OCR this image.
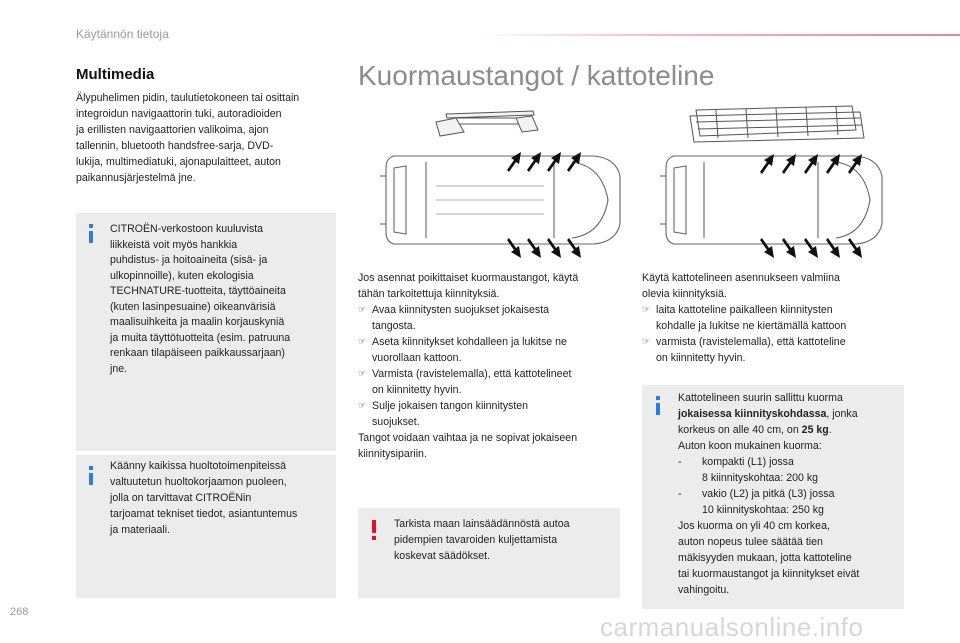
Käytännön tietoja
Multimedia
Älypuhelimen pidin, taulutietokoneen tai osittain
integroidun navigaattorin tuki, autoradioiden
ja erillisten navigaattorien valikoima, ajon
tallennin, bluetooth handsfree-sarja, DVD-
lukija, multimediatuki, ajonapulaitteet, auton
paikannusjärjestelmä jne.
CITROËN-verkostoon kuuluvista
liikkeistä voit myös hankkia
puhdistus- ja hoitoaineita (sisä- ja
ulkopinnoille), kuten ekologisia
TECHNATURE-tuotteita, täyttöaineita
(kuten lasinpesuaine) oikeanvärisiä
maalisuihkeita ja maalin korjauskyniä
ja muita täyttötuotteita (esim. patruuna
renkaan tilapäiseen paikkaussarjaan)
jne.
Käänny kaikissa huoltotoimenpiteissä
valtuutetun huoltokorjaamon puoleen,
jolla on tarvittavat CITROËNin
tarjoamat tekniset tiedot, asiantuntemus
ja materiaali.
Kuormaustangot / kattoteline

Jos asennat poikittaiset kuormaustangot, käytä

tähän tarkoitettuja kiinnityksiä.

☞ Avaa kiinnitysten suojukset jokaisesta
tangosta.
☞ Aseta kiinnitykset kohdalleen ja lukitse ne
vuorollaan kattoon.
☞ Varmista (ravistelemalla), että kattotelineet
on kiinnitetty hyvin.
☞ Sulje jokaisen tangon kiinnitysten
suojukset.

Tangot voidaan vaihtaa ja ne sopivat jokaiseen

kiinnitysipariin.

Tarkista maan lainsäädännöstä autoa
pidempien tavaroiden kuljettamista
koskevat säädökset.

Käytä kattotelineen asennukseen valmiina

olevia kiinnityksiä.

☞ laita kattoteline paikalleen kiinnitysten
kohdalle ja lukitse ne kiertämällä kattoon
☞ varmista (ravistelemalla), että kattoteline
on kiinnitetty hyvin.
Kattotelineen suurin sallittu kuorma
jokaisessa kiinnityskohdassa, jonka
korkeus on alle 40 cm, on 25 kg.
Auton koon mukainen kuorma:
-	kompakti (L1) jossa
8 kiinnityskohtaa: 200 kg
-	vakio (L2) ja pitkä (L3) jossa
10 kiinnityskohtaa: 250 kg
Jos kuorma on yli 40 cm korkea,
auton nopeus tulee säätää tien
mäkisyyden mukaan, jotta kattoteline
tai kuormaustangot ja kiinnitykset eivät
vahingoitu.
268	carmanualsonline.info
